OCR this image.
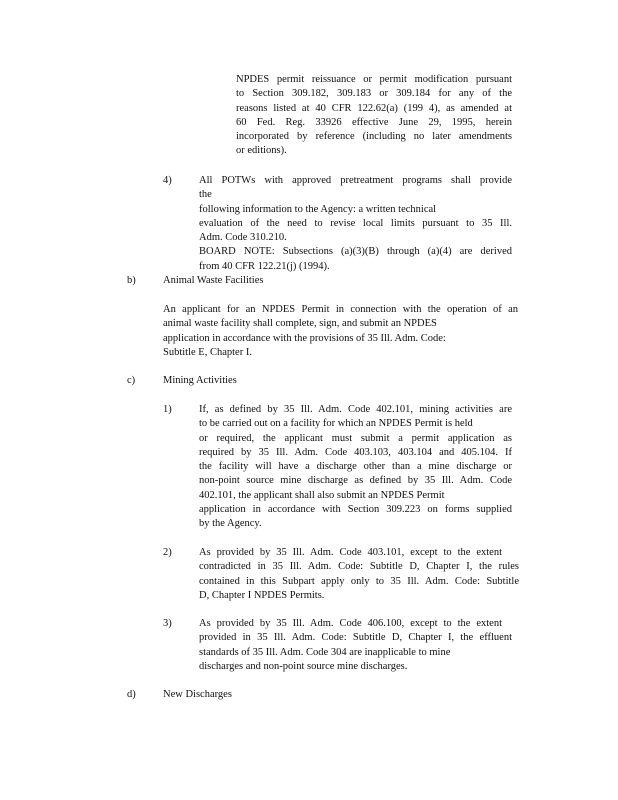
NPDES permit reissuance or permit modification pursuant
to Section 309.182, 309.183 or 309.184 for any of the
reasons listed at 40 CFR 122.62(a) (199 4), as amended at
60 Fed. Reg. 33926 effective June 29, 1995, herein
incorporated by reference (including no later amendments
or editions).
4)	All POTWs with approved pretreatment programs shall provide
the
following information to the Agency: a written technical
evaluation of the need to revise local limits pursuant to 35 Ill.
Adm. Code 310.210.
BOARD NOTE: Subsections (a)(3)(B) through (a)(4) are derived
from 40 CFR 122.21(j) (1994).
b)	Animal Waste Facilities
An applicant for an NPDES Permit in connection with the operation of an
animal waste facility shall complete, sign, and submit an NPDES
application in accordance with the provisions of 35 Ill. Adm. Code:
Subtitle E, Chapter I.
c)	Mining Activities
1)	If, as defined by 35 Ill. Adm. Code 402.101, mining activities are
to be carried out on a facility for which an NPDES Permit is held
or required, the applicant must submit a permit application as
required by 35 Ill. Adm. Code 403.103, 403.104 and 405.104. If
the facility will have a discharge other than a mine discharge or
non-point source mine discharge as defined by 35 Ill. Adm. Code
402.101, the applicant shall also submit an NPDES Permit
application in accordance with Section 309.223 on forms supplied
by the Agency.
2)	As provided by 35 Ill. Adm. Code 403.101, except to the extent
contradicted in 35 Ill. Adm. Code: Subtitle D, Chapter I, the rules
contained in this Subpart apply only to 35 Ill. Adm. Code: Subtitle
D, Chapter I NPDES Permits.
3)	As provided by 35 Ill. Adm. Code 406.100, except to the extent
provided in 35 Ill. Adm. Code: Subtitle D, Chapter I, the effluent
standards of 35 Ill. Adm. Code 304 are inapplicable to mine
discharges and non-point source mine discharges.
d)	New Discharges
